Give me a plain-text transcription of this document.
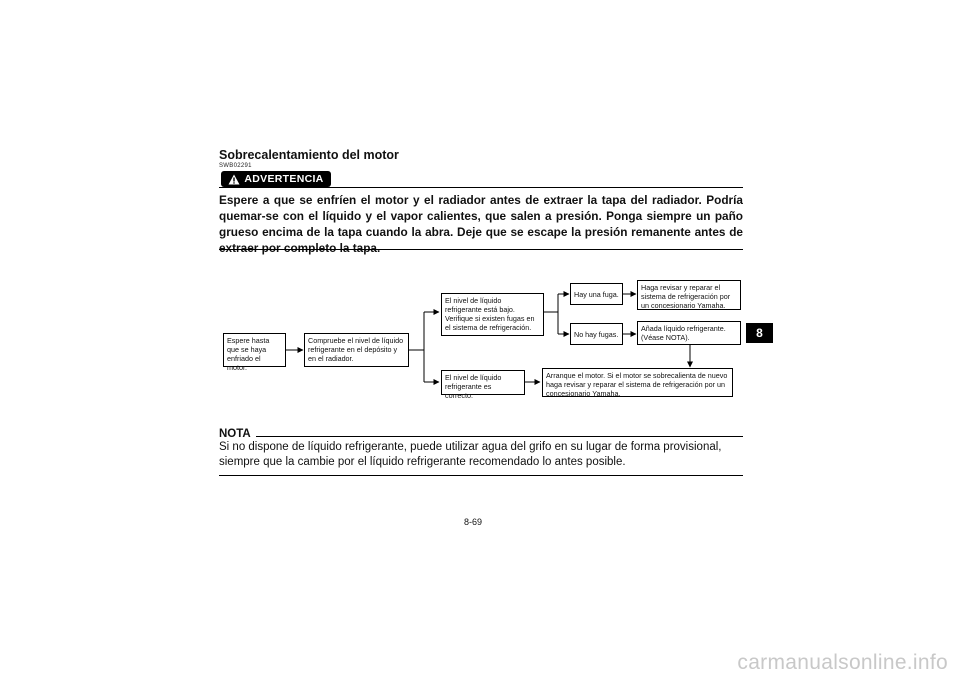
Sobrecalentamiento del motor
SWB02291
ADVERTENCIA
Espere a que se enfríen el motor y el radiador antes de extraer la tapa del radiador. Podría quemar-se con el líquido y el vapor calientes, que salen a presión. Ponga siempre un paño grueso encima de la tapa cuando la abra. Deje que se escape la presión remanente antes de extraer por completo la tapa.
Espere hasta que se haya enfriado el motor.
Compruebe el nivel de líquido refrigerante en el depósito y en el radiador.
El nivel de líquido refrigerante está bajo. Verifique si existen fugas en el sistema de refrigeración.
El nivel de líquido refrigerante es correcto.
Hay una fuga.
No hay fugas.
Haga revisar y reparar el sistema de refrigeración por un concesionario Yamaha.
Añada líquido refrigerante. (Véase NOTA).
Arranque el motor. Si el motor se sobrecalienta de nuevo haga revisar y reparar el sistema de refrigeración por un concesionario Yamaha.
NOTA
Si no dispone de líquido refrigerante, puede utilizar agua del grifo en su lugar de forma provisional, siempre que la cambie por el líquido refrigerante recomendado lo antes posible.
8-69
8
carmanualsonline.info
